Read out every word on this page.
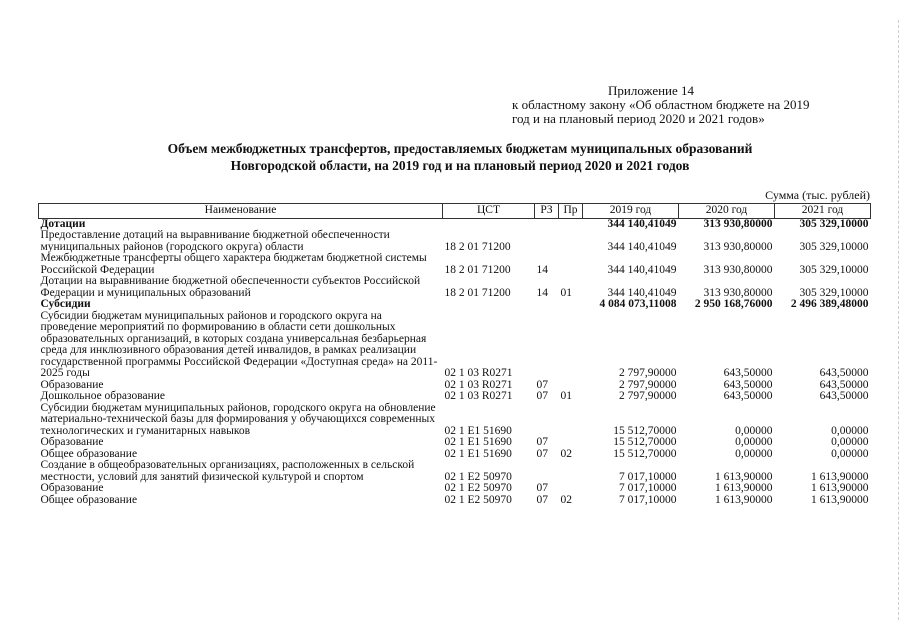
Приложение 14
к областному закону «Об областном бюджете на 2019
год и на плановый период 2020 и 2021 годов»
Объем межбюджетных трансфертов, предоставляемых бюджетам муниципальных образований
Новгородской области, на 2019 год и на плановый период 2020 и 2021 годов
Сумма (тыс. рублей)
Наименование	ЦСТ	РЗ	Пр	2019 год	2020 год	2021 год
Дотации				344 140,41049	313 930,80000	305 329,10000
Предоставление дотаций на выравнивание бюджетной обеспеченности муниципальных районов (городского округа) области	18 2 01 71200			344 140,41049	313 930,80000	305 329,10000
Межбюджетные трансферты общего характера бюджетам бюджетной системы Российской Федерации	18 2 01 71200	14		344 140,41049	313 930,80000	305 329,10000
Дотации на выравнивание бюджетной обеспеченности субъектов Российской Федерации и муниципальных образований	18 2 01 71200	14	01	344 140,41049	313 930,80000	305 329,10000
Субсидии				4 084 073,11008	2 950 168,76000	2 496 389,48000
Субсидии бюджетам муниципальных районов и городского округа на проведение мероприятий по формированию в области сети дошкольных образовательных организаций, в которых создана универсальная безбарьерная среда для инклюзивного образования детей инвалидов, в рамках реализации государственной программы Российской Федерации «Доступная среда» на 2011-2025 годы	02 1 03 R0271			2 797,90000	643,50000	643,50000
Образование	02 1 03 R0271	07		2 797,90000	643,50000	643,50000
Дошкольное образование	02 1 03 R0271	07	01	2 797,90000	643,50000	643,50000
Субсидии бюджетам муниципальных районов, городского округа на обновление материально-технической базы для формирования у обучающихся современных технологических и гуманитарных навыков	02 1 E1 51690			15 512,70000	0,00000	0,00000
Образование	02 1 E1 51690	07		15 512,70000	0,00000	0,00000
Общее образование	02 1 E1 51690	07	02	15 512,70000	0,00000	0,00000
Создание в общеобразовательных организациях, расположенных в сельской местности, условий для занятий физической культурой и спортом	02 1 E2 50970			7 017,10000	1 613,90000	1 613,90000
Образование	02 1 E2 50970	07		7 017,10000	1 613,90000	1 613,90000
Общее образование	02 1 E2 50970	07	02	7 017,10000	1 613,90000	1 613,90000
